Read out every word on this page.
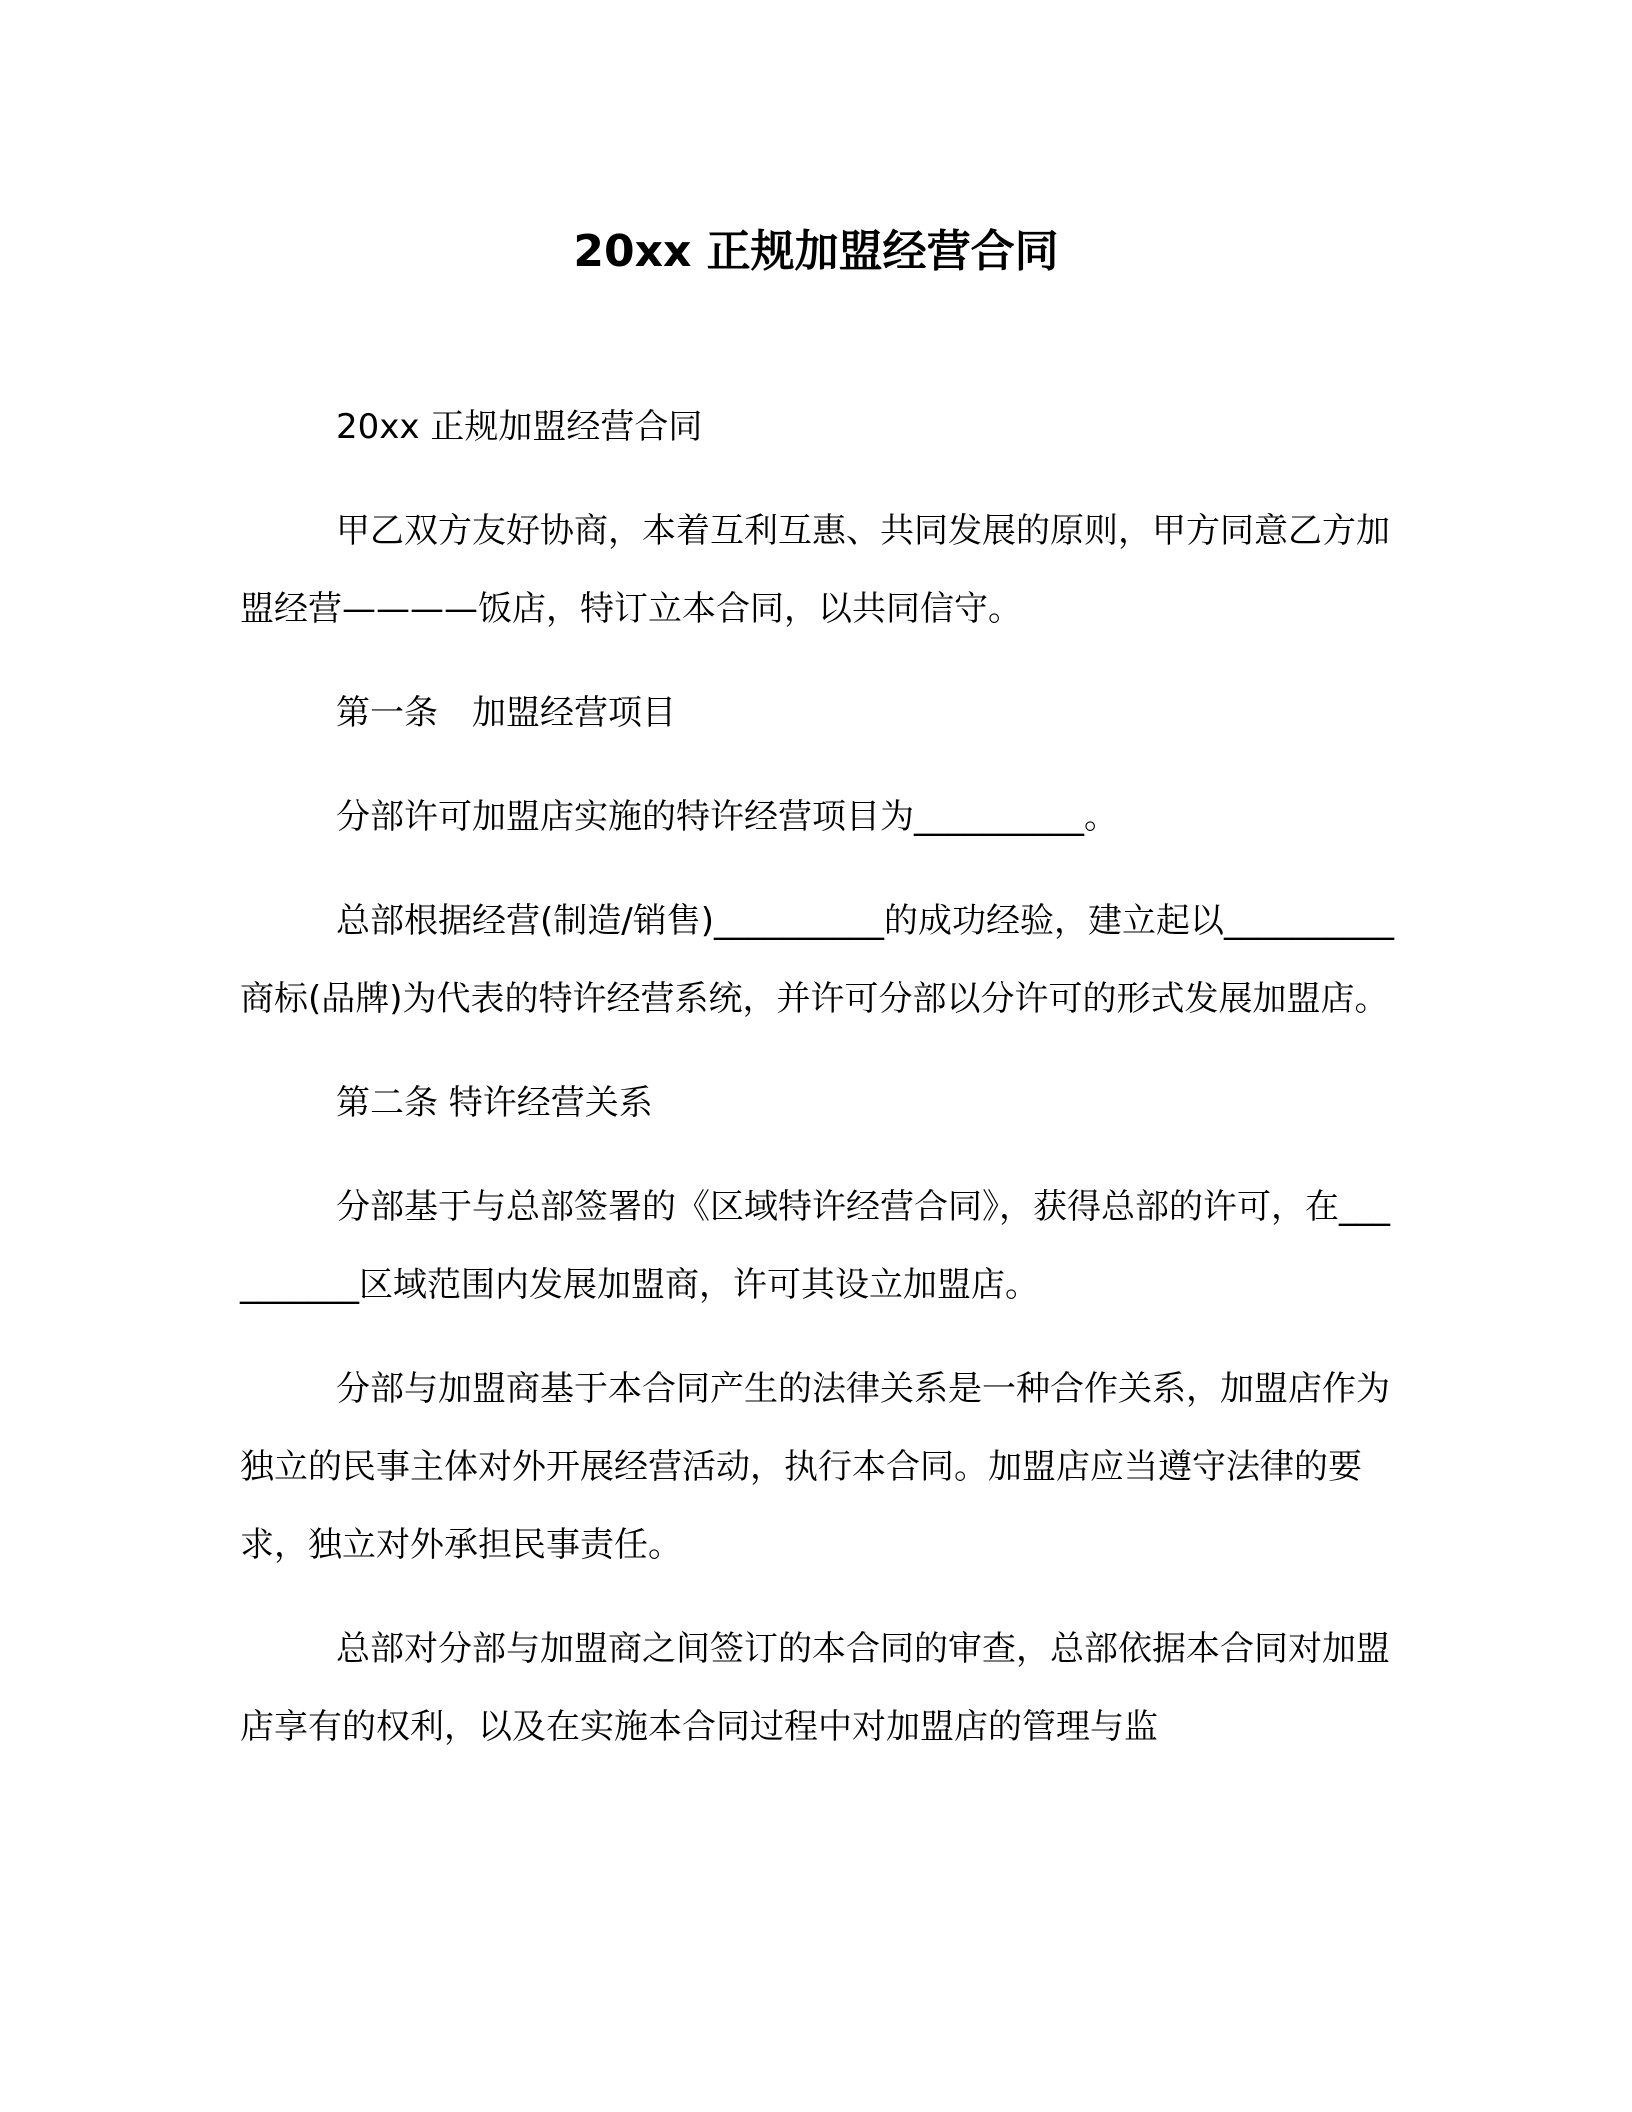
20xx 正规加盟经营合同

20xx 正规加盟经营合同

甲乙双方友好协商，本着互利互惠、共同发展的原则，甲方同意乙方加盟经营————饭店，特订立本合同，以共同信守。

第一条　加盟经营项目

分部许可加盟店实施的特许经营项目为__________。

总部根据经营(制造/销售)__________的成功经验，建立起以__________商标(品牌)为代表的特许经营系统，并许可分部以分许可的形式发展加盟店。

第二条 特许经营关系

分部基于与总部签署的《区域特许经营合同》，获得总部的许可，在__________区域范围内发展加盟商，许可其设立加盟店。

分部与加盟商基于本合同产生的法律关系是一种合作关系，加盟店作为独立的民事主体对外开展经营活动，执行本合同。加盟店应当遵守法律的要求，独立对外承担民事责任。

总部对分部与加盟商之间签订的本合同的审查，总部依据本合同对加盟店享有的权利，以及在实施本合同过程中对加盟店的管理与监
